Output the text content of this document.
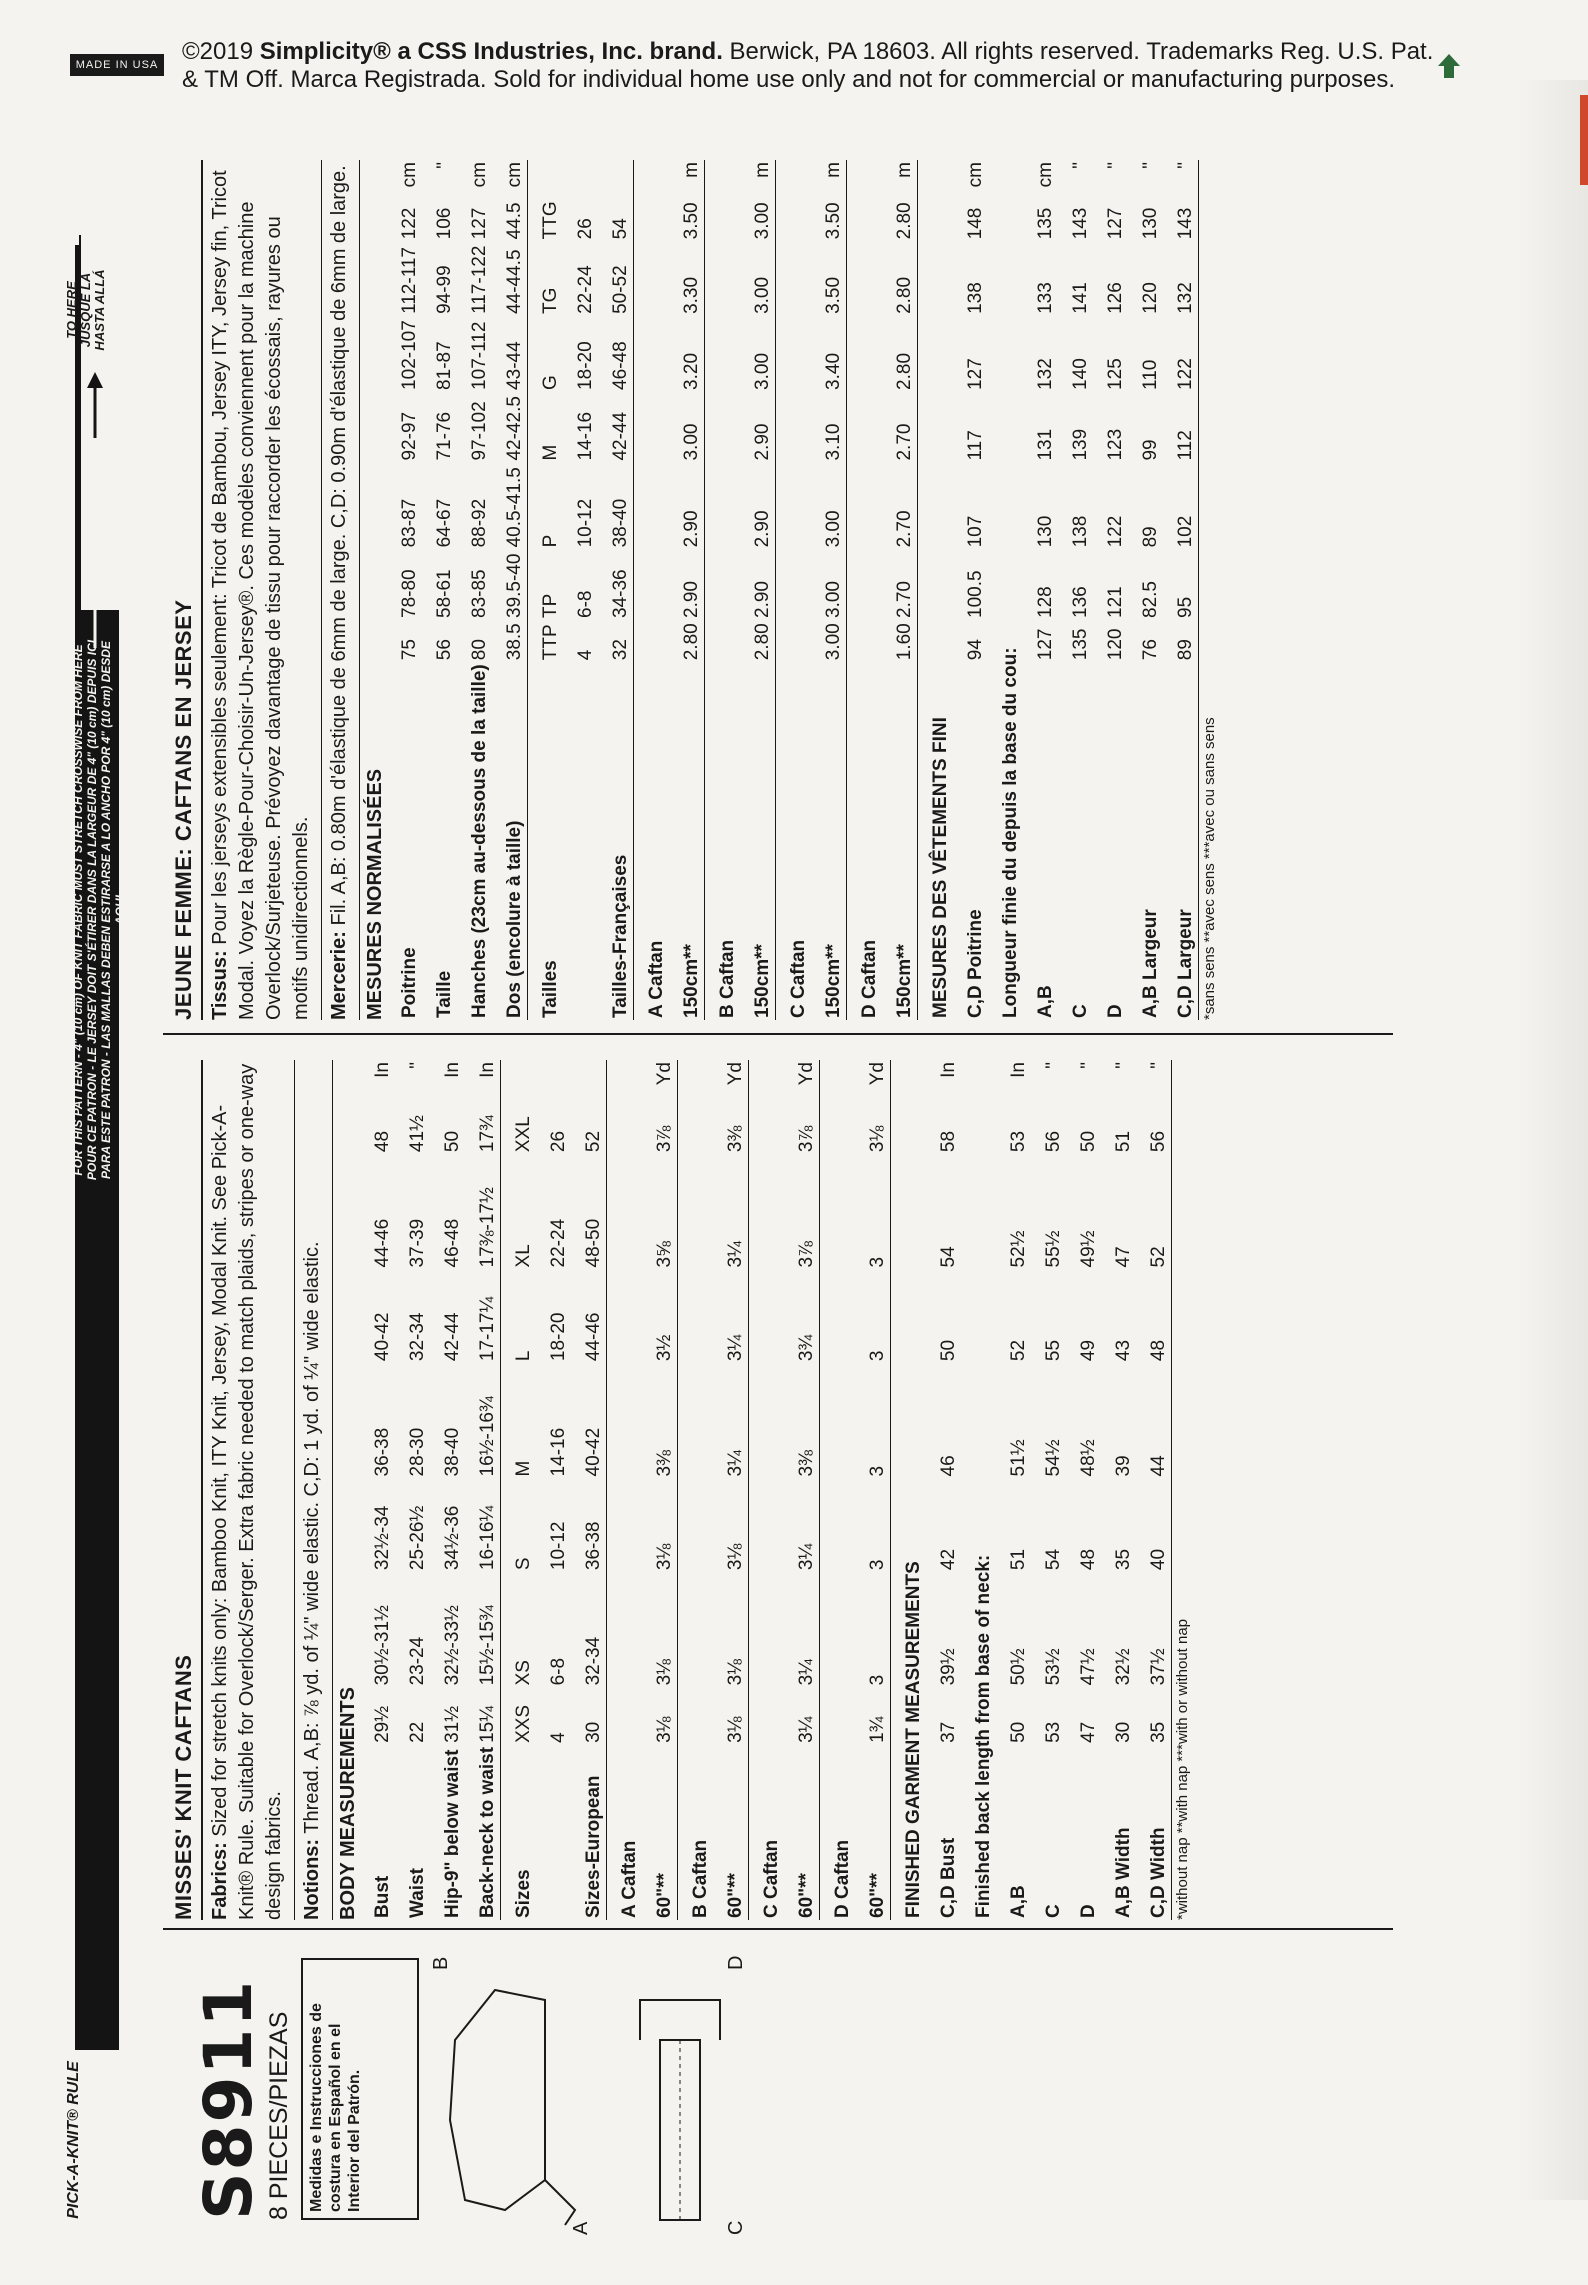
MADE IN USA ©2019 Simplicity® a CSS Industries, Inc. brand. Berwick, PA 18603. All rights reserved. Trademarks Reg. U.S. Pat.
& TM Off. Marca Registrada. Sold for individual home use only and not for commercial or manufacturing purposes.
PICK-A-KNIT® RULE
FOR THIS PATTERN - 4" (10 cm) OF KNIT FABRIC MUST STRETCH CROSSWISE FROM HERE POUR CE PATRON - LE JERSEY DOIT S'ÉTIRER DANS LA LARGEUR DE 4" (10 cm) DEPUIS ICI PARA ESTE PATRON - LAS MALLAS DEBEN ESTIRARSE A LO ANCHO POR 4" (10 cm) DESDE AQUI
TO HERE JUSQUE LÀ HASTA ALLÁ
S8911
8 PIECES/PIEZAS Medidas e Instrucciones de costura en Español en el Interior del Patrón.
A
B
C
D
MISSES' KNIT CAFTANS Fabrics: Sized for stretch knits only: Bamboo Knit, ITY Knit, Jersey, Modal Knit. See Pick-A-Knit® Rule. Suitable for Overlock/Serger. Extra fabric needed to match plaids, stripes or one-way design fabrics. Notions: Thread. A,B: ⅞ yd. of ¼" wide elastic. C,D: 1 yd. of ¼" wide elastic. BODY MEASUREMENTS Bust	29½	30½-31½	32½-34	36-38	40-42	44-46	48	In
Waist	22	23-24	25-26½	28-30	32-34	37-39	41½	"
Hip-9" below waist	31½	32½-33½	34½-36	38-40	42-44	46-48	50	In
Back-neck to waist	15¼	15½-15¾	16-16¼	16½-16¾	17-17¼	17⅜-17½	17¾	In
Sizes	XXS	XS	S	M	L	XL	XXL	
	4	6-8	10-12	14-16	18-20	22-24	26	
Sizes-European	30	32-34	36-38	40-42	44-46	48-50	52	
A Caftan								
60"**	3⅛	3⅛	3⅛	3⅜	3½	3⅝	3⅞	Yd
B Caftan								
60"**	3⅛	3⅛	3⅛	3¼	3¼	3¼	3⅜	Yd
C Caftan								
60"**	3¼	3¼	3¼	3⅜	3¾	3⅞	3⅞	Yd
D Caftan								
60"**	1¾	3	3	3	3	3	3⅛	Yd
FINISHED GARMENT MEASUREMENTS								
C,D Bust	37	39½	42	46	50	54	58	In
Finished back length from base of neck:								
A,B	50	50½	51	51½	52	52½	53	In
C	53	53½	54	54½	55	55½	56	"
D	47	47½	48	48½	49	49½	50	"
A,B Width	30	32½	35	39	43	47	51	"
C,D Width	35	37½	40	44	48	52	56	"
*without nap **with nap ***with or without nap
JEUNE FEMME: CAFTANS EN JERSEY Tissus: Pour les jerseys extensibles seulement: Tricot de Bambou, Jersey ITY, Jersey fin, Tricot Modal. Voyez la Règle-Pour-Choisir-Un-Jersey®. Ces modèles conviennent pour la machine Overlock/Surjeteuse. Prévoyez davantage de tissu pour raccorder les écossais, rayures ou motifs unidirectionnels. Mercerie: Fil. A,B: 0.80m d'élastique de 6mm de large. C,D: 0.90m d'élastique de 6mm de large. MESURES NORMALISÉES Poitrine	75	78-80	83-87	92-97	102-107	112-117	122	cm
Taille	56	58-61	64-67	71-76	81-87	94-99	106	"
Hanches (23cm au-dessous de la taille)	80	83-85	88-92	97-102	107-112	117-122	127	cm
Dos (encolure à taille)	38.5	39.5-40	40.5-41.5	42-42.5	43-44	44-44.5	44.5	cm
Tailles	TTP	TP	P	M	G	TG	TTG	
	4	6-8	10-12	14-16	18-20	22-24	26	
Tailles-Françaises	32	34-36	38-40	42-44	46-48	50-52	54	
A Caftan								
150cm**	2.80	2.90	2.90	3.00	3.20	3.30	3.50	m
B Caftan								
150cm**	2.80	2.90	2.90	2.90	3.00	3.00	3.00	m
C Caftan								
150cm**	3.00	3.00	3.00	3.10	3.40	3.50	3.50	m
D Caftan								
150cm**	1.60	2.70	2.70	2.70	2.80	2.80	2.80	m
MESURES DES VÊTEMENTS FINI								
C,D Poitrine	94	100.5	107	117	127	138	148	cm
Longueur finie du depuis la base du cou:								
A,B	127	128	130	131	132	133	135	cm
C	135	136	138	139	140	141	143	"
D	120	121	122	123	125	126	127	"
A,B Largeur	76	82.5	89	99	110	120	130	"
C,D Largeur	89	95	102	112	122	132	143	"
*sans sens **avec sens ***avec ou sans sens
